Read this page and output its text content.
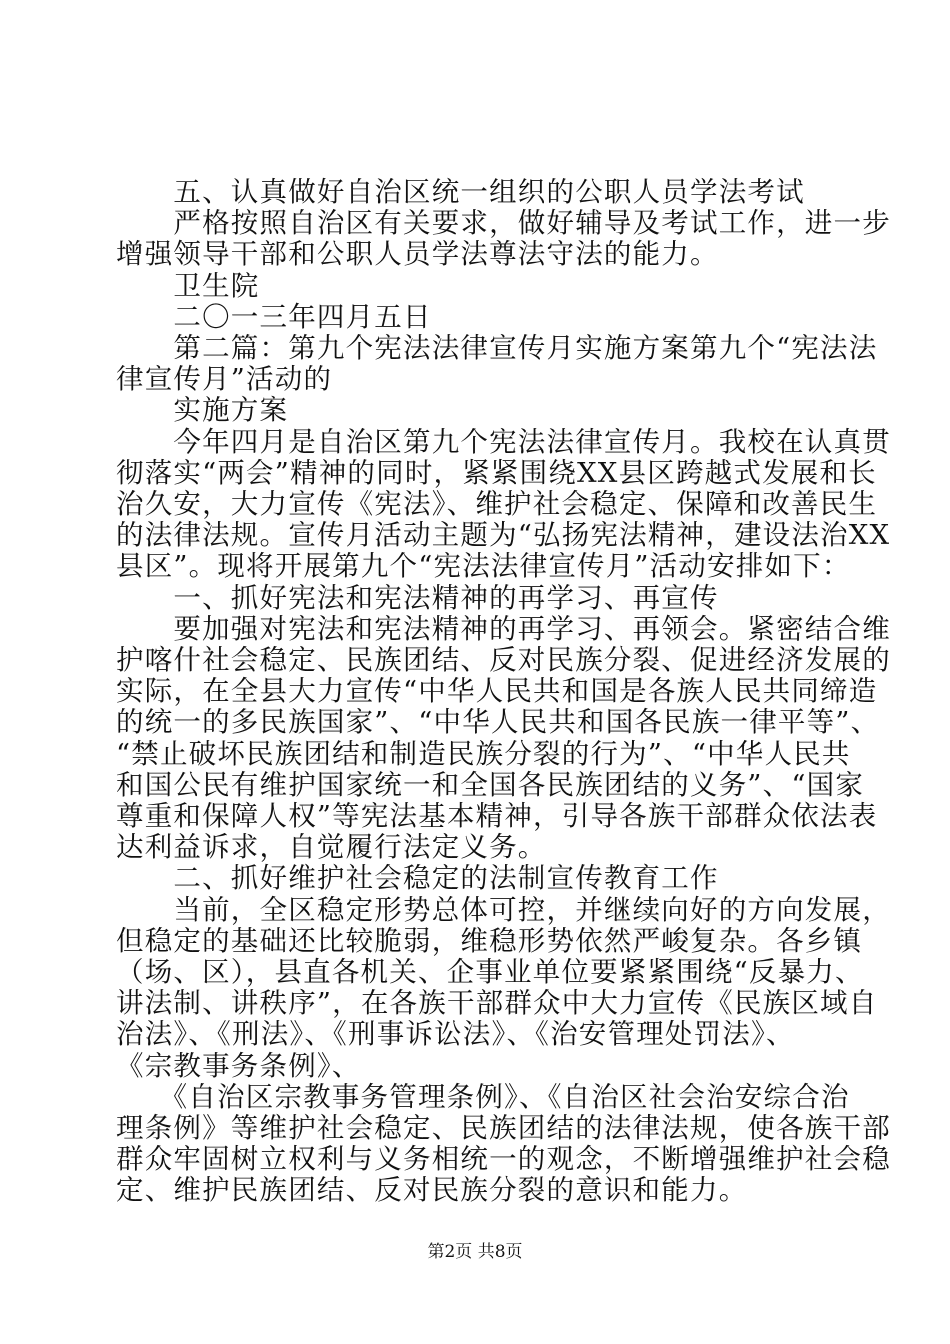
　　五、认真做好自治区统一组织的公职人员学法考试
　　严格按照自治区有关要求，做好辅导及考试工作，进一步
增强领导干部和公职人员学法尊法守法的能力。
　　卫生院
　　二〇一三年四月五日
　　第二篇：第九个宪法法律宣传月实施方案第九个“宪法法
律宣传月”活动的
　　实施方案
　　今年四月是自治区第九个宪法法律宣传月。我校在认真贯
彻落实“两会”精神的同时，紧紧围绕XX县区跨越式发展和长
治久安，大力宣传《宪法》、维护社会稳定、保障和改善民生
的法律法规。宣传月活动主题为“弘扬宪法精神，建设法治XX
县区”。现将开展第九个“宪法法律宣传月”活动安排如下：
　　一、抓好宪法和宪法精神的再学习、再宣传
　　要加强对宪法和宪法精神的再学习、再领会。紧密结合维
护喀什社会稳定、民族团结、反对民族分裂、促进经济发展的
实际，在全县大力宣传“中华人民共和国是各族人民共同缔造
的统一的多民族国家”、“中华人民共和国各民族一律平等”、
“禁止破坏民族团结和制造民族分裂的行为”、“中华人民共
和国公民有维护国家统一和全国各民族团结的义务”、“国家
尊重和保障人权”等宪法基本精神，引导各族干部群众依法表
达利益诉求，自觉履行法定义务。
　　二、抓好维护社会稳定的法制宣传教育工作
　　当前，全区稳定形势总体可控，并继续向好的方向发展，
但稳定的基础还比较脆弱，维稳形势依然严峻复杂。各乡镇
（场、区），县直各机关、企事业单位要紧紧围绕“反暴力、
讲法制、讲秩序”，在各族干部群众中大力宣传《民族区域自
治法》、《刑法》、《刑事诉讼法》、《治安管理处罚法》、
《宗教事务条例》、
　　《自治区宗教事务管理条例》、《自治区社会治安综合治
理条例》等维护社会稳定、民族团结的法律法规，使各族干部
群众牢固树立权利与义务相统一的观念，不断增强维护社会稳
定、维护民族团结、反对民族分裂的意识和能力。
第2页 共8页
